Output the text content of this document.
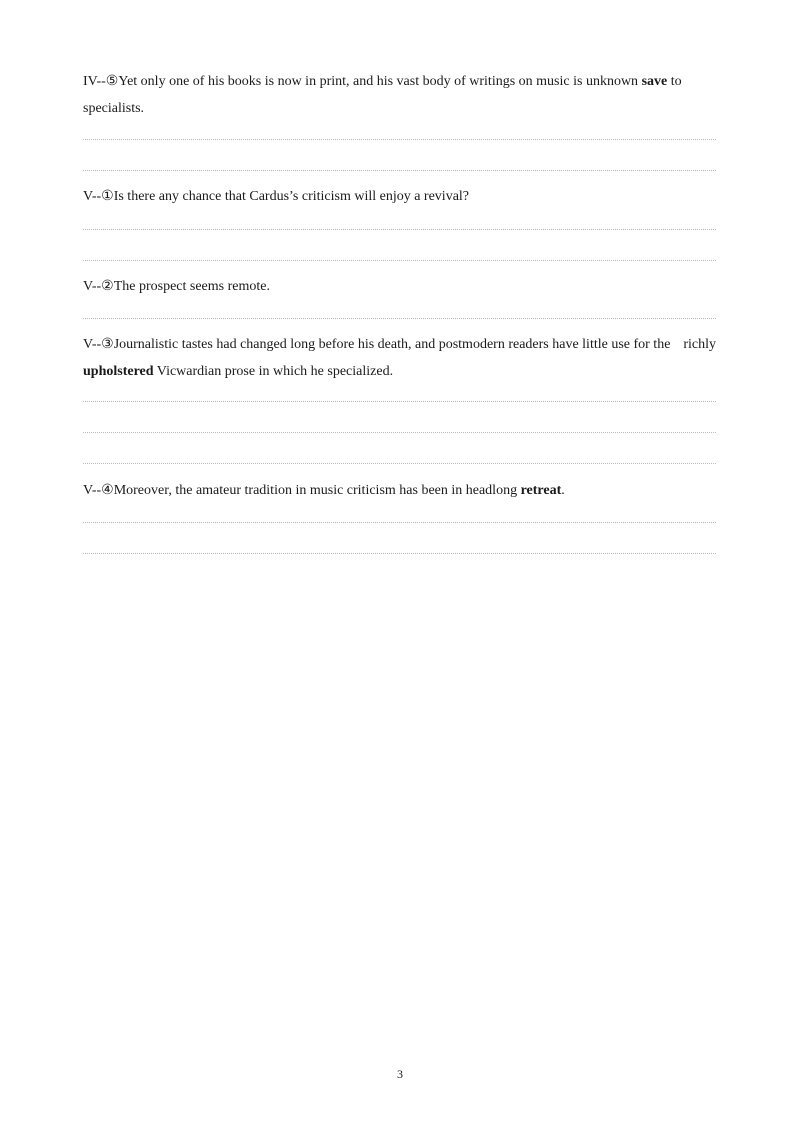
IV--⑤Yet only one of his books is now in print, and his vast body of writings on music is unknown save to
specialists.
V--①Is there any chance that Cardus’s criticism will enjoy a revival?
V--②The prospect seems remote.
V--③Journalistic tastes had changed long before his death, and postmodern readers have little use for the richly
upholstered Vicwardian prose in which he specialized.
V--④Moreover, the amateur tradition in music criticism has been in headlong retreat.
3
